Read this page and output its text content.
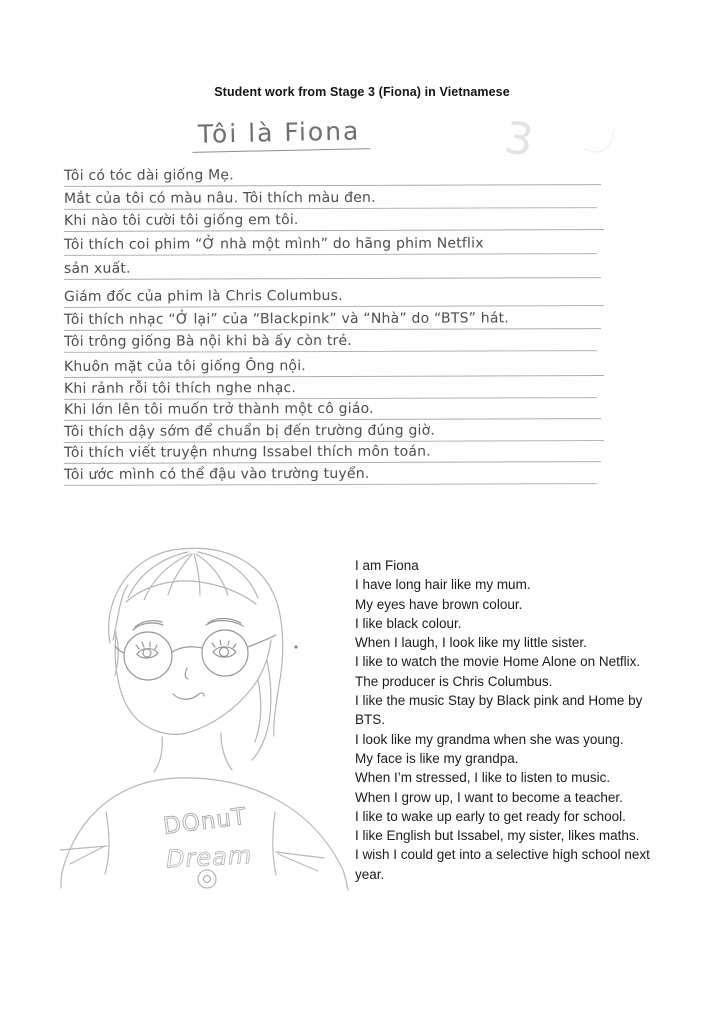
Student work from Stage 3 (Fiona) in Vietnamese
Tôi là Fiona	3
Tôi có tóc dài giống Mẹ.
Mắt của tôi có màu nâu. Tôi thích màu đen.
Khi nào tôi cười tôi giống em tôi.
Tôi thích coi phim “Ở nhà một mình” do hãng phim Netflix
sản xuất.
Giám đốc của phim là Chris Columbus.
Tôi thích nhạc “Ở lại” của “Blackpink” và “Nhà” do “BTS” hát.
Tôi trông giống Bà nội khi bà ấy còn trẻ.
Khuôn mặt của tôi giống Ông nội.
Khi rảnh rỗi tôi thích nghe nhạc.
Khi lớn lên tôi muốn trở thành một cô giáo.
Tôi thích dậy sớm để chuẩn bị đến trường đúng giờ.
Tôi thích viết truyện nhưng Issabel thích môn toán.
Tôi ước mình có thể đậu vào trường tuyển.
DOnuT
Dream
I am Fiona
I have long hair like my mum.
My eyes have brown colour.
I like black colour.
When I laugh, I look like my little sister.
I like to watch the movie Home Alone on Netflix.
The producer is Chris Columbus.
I like the music Stay by Black pink and Home by
BTS.
I look like my grandma when she was young.
My face is like my grandpa.
When I’m stressed, I like to listen to music.
When I grow up, I want to become a teacher.
I like to wake up early to get ready for school.
I like English but Issabel, my sister, likes maths.
I wish I could get into a selective high school next
year.
